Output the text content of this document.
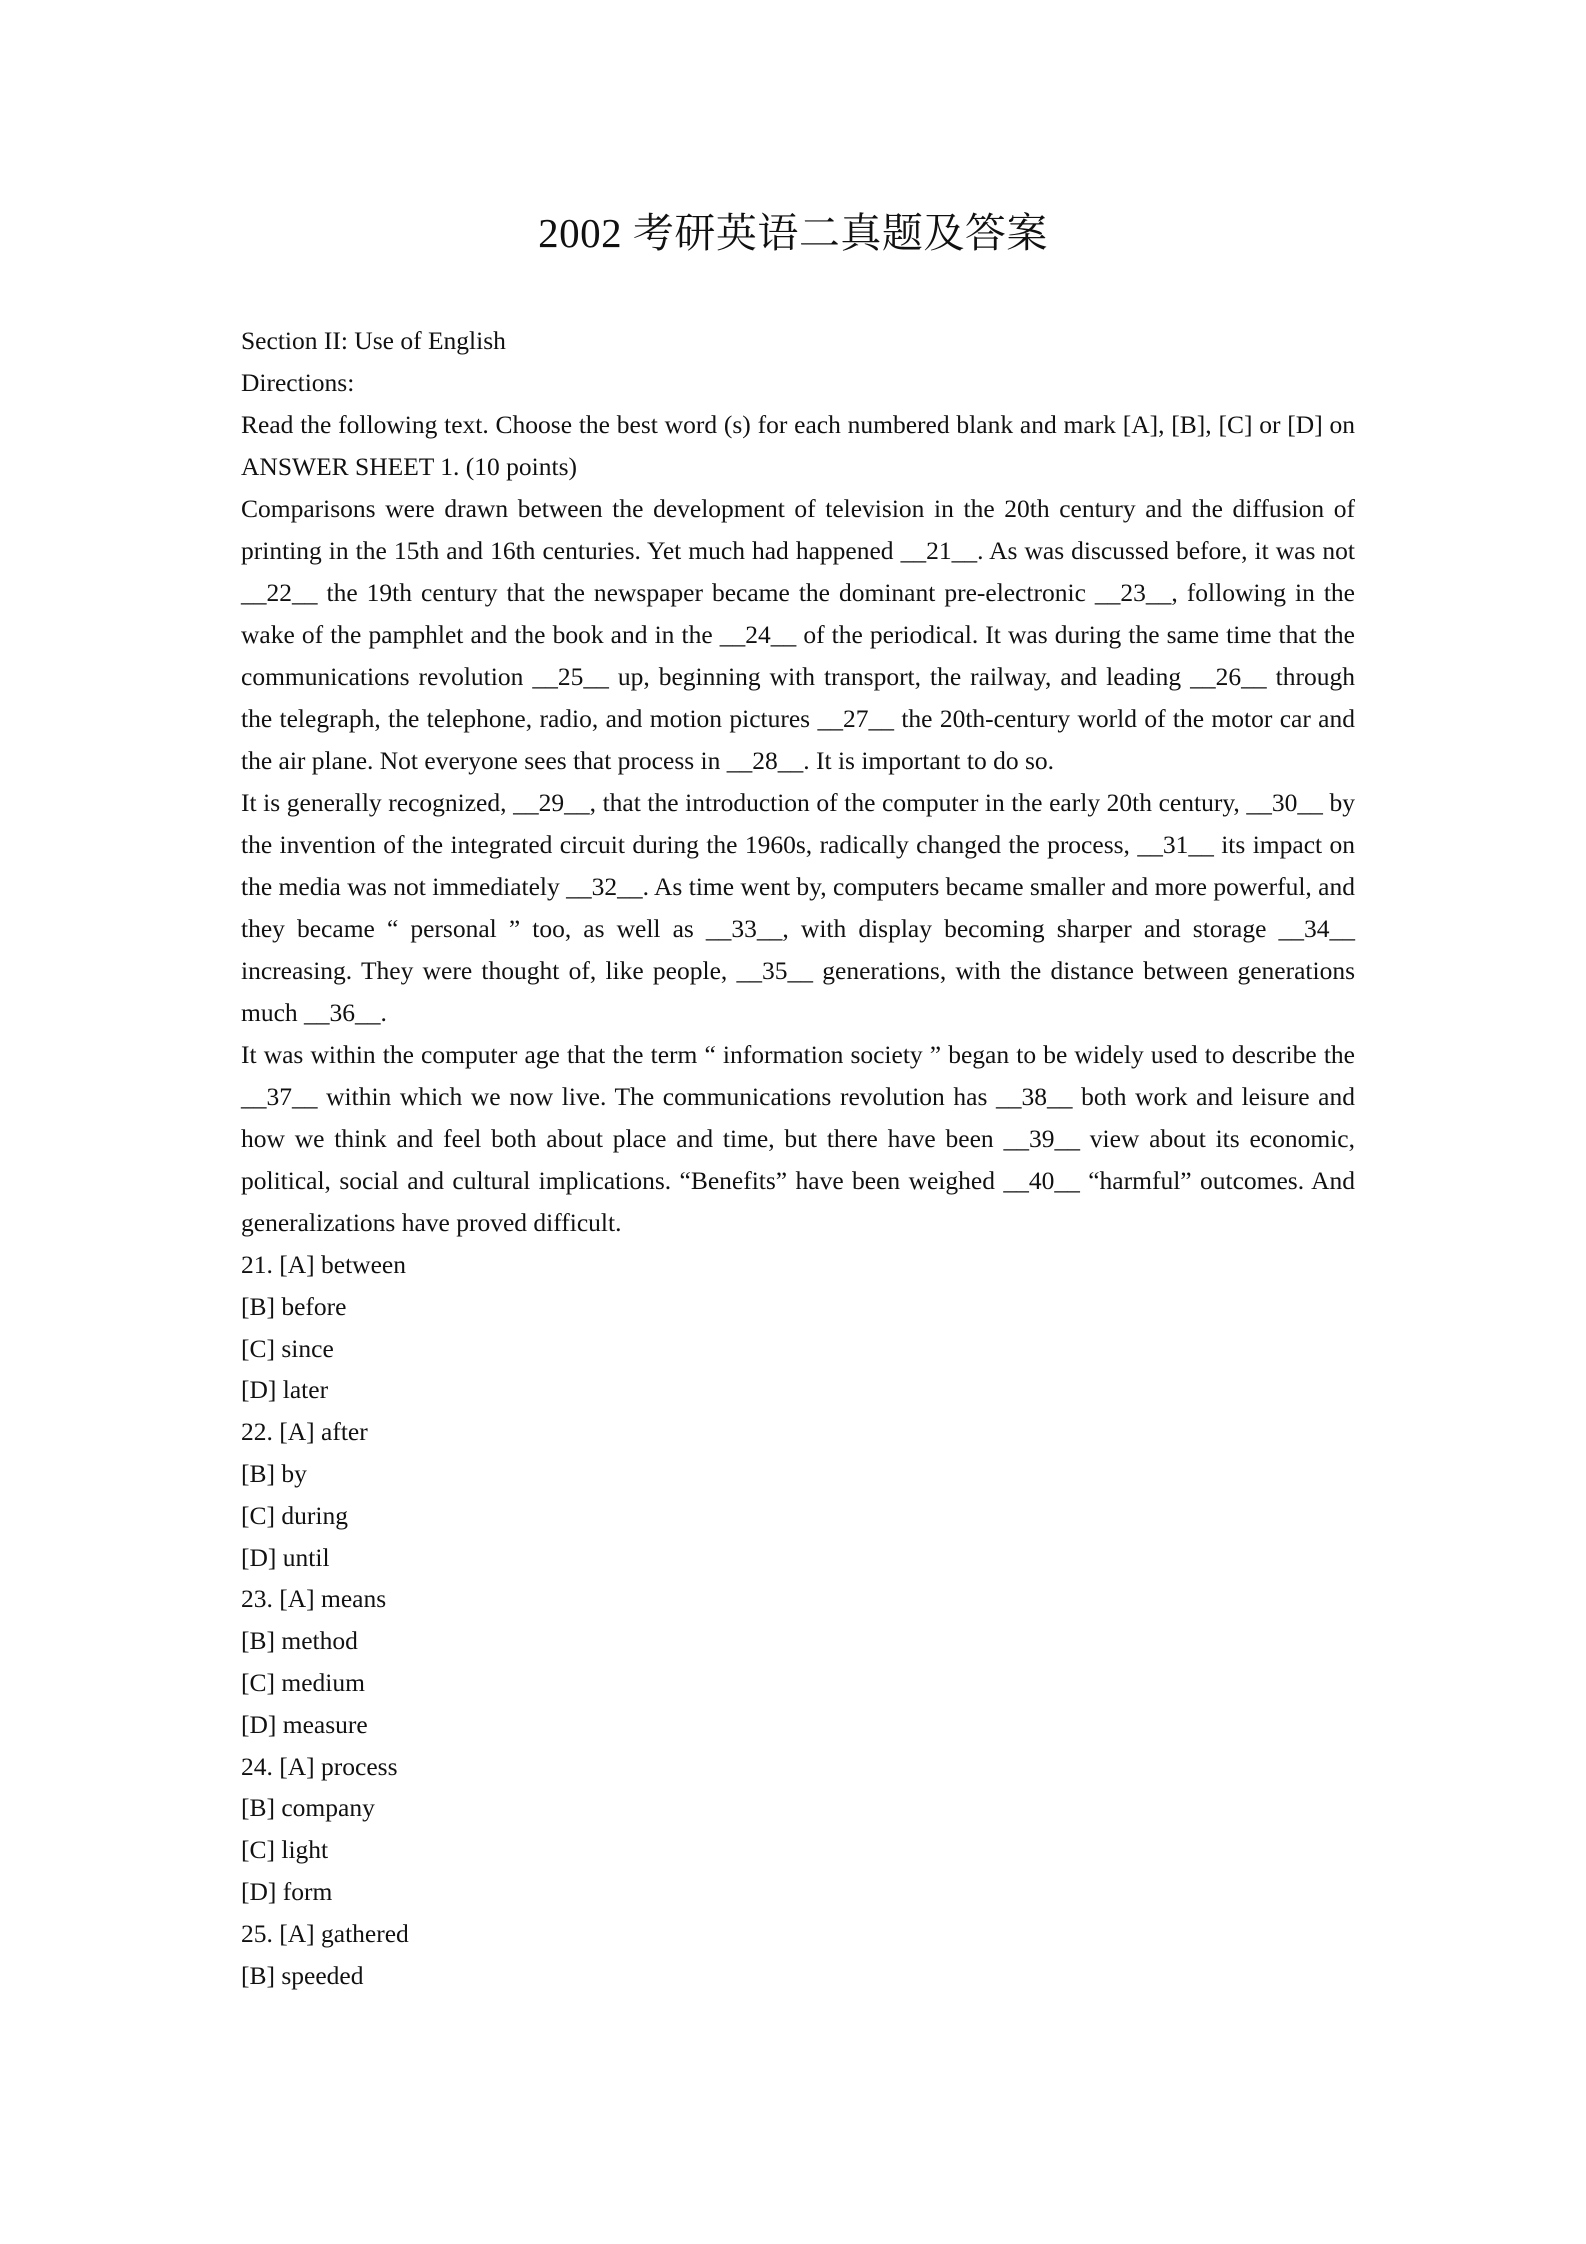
2002 考研英语二真题及答案

Section II: Use of English

Directions:

Read the following text. Choose the best word (s) for each numbered blank and mark [A], [B], [C] or [D] on ANSWER SHEET 1. (10 points)

Comparisons were drawn between the development of television in the 20th century and the diffusion of printing in the 15th and 16th centuries. Yet much had happened __21__. As was discussed before, it was not __22__ the 19th century that the newspaper became the dominant pre-electronic __23__, following in the wake of the pamphlet and the book and in the __24__ of the periodical. It was during the same time that the communications revolution __25__ up, beginning with transport, the railway, and leading __26__ through the telegraph, the telephone, radio, and motion pictures __27__ the 20th-century world of the motor car and the air plane. Not everyone sees that process in __28__. It is important to do so.

It is generally recognized, __29__, that the introduction of the computer in the early 20th century, __30__ by the invention of the integrated circuit during the 1960s, radically changed the process, __31__ its impact on the media was not immediately __32__. As time went by, computers became smaller and more powerful, and they became “ personal ” too, as well as __33__, with display becoming sharper and storage __34__ increasing. They were thought of, like people, __35__ generations, with the distance between generations much __36__.

It was within the computer age that the term “ information society ” began to be widely used to describe the __37__ within which we now live. The communications revolution has __38__ both work and leisure and how we think and feel both about place and time, but there have been __39__ view about its economic, political, social and cultural implications. “Benefits” have been weighed __40__ “harmful” outcomes. And generalizations have proved difficult.

21. [A] between
[B] before
[C] since
[D] later
22. [A] after
[B] by
[C] during
[D] until
23. [A] means
[B] method
[C] medium
[D] measure
24. [A] process
[B] company
[C] light
[D] form
25. [A] gathered
[B] speeded
